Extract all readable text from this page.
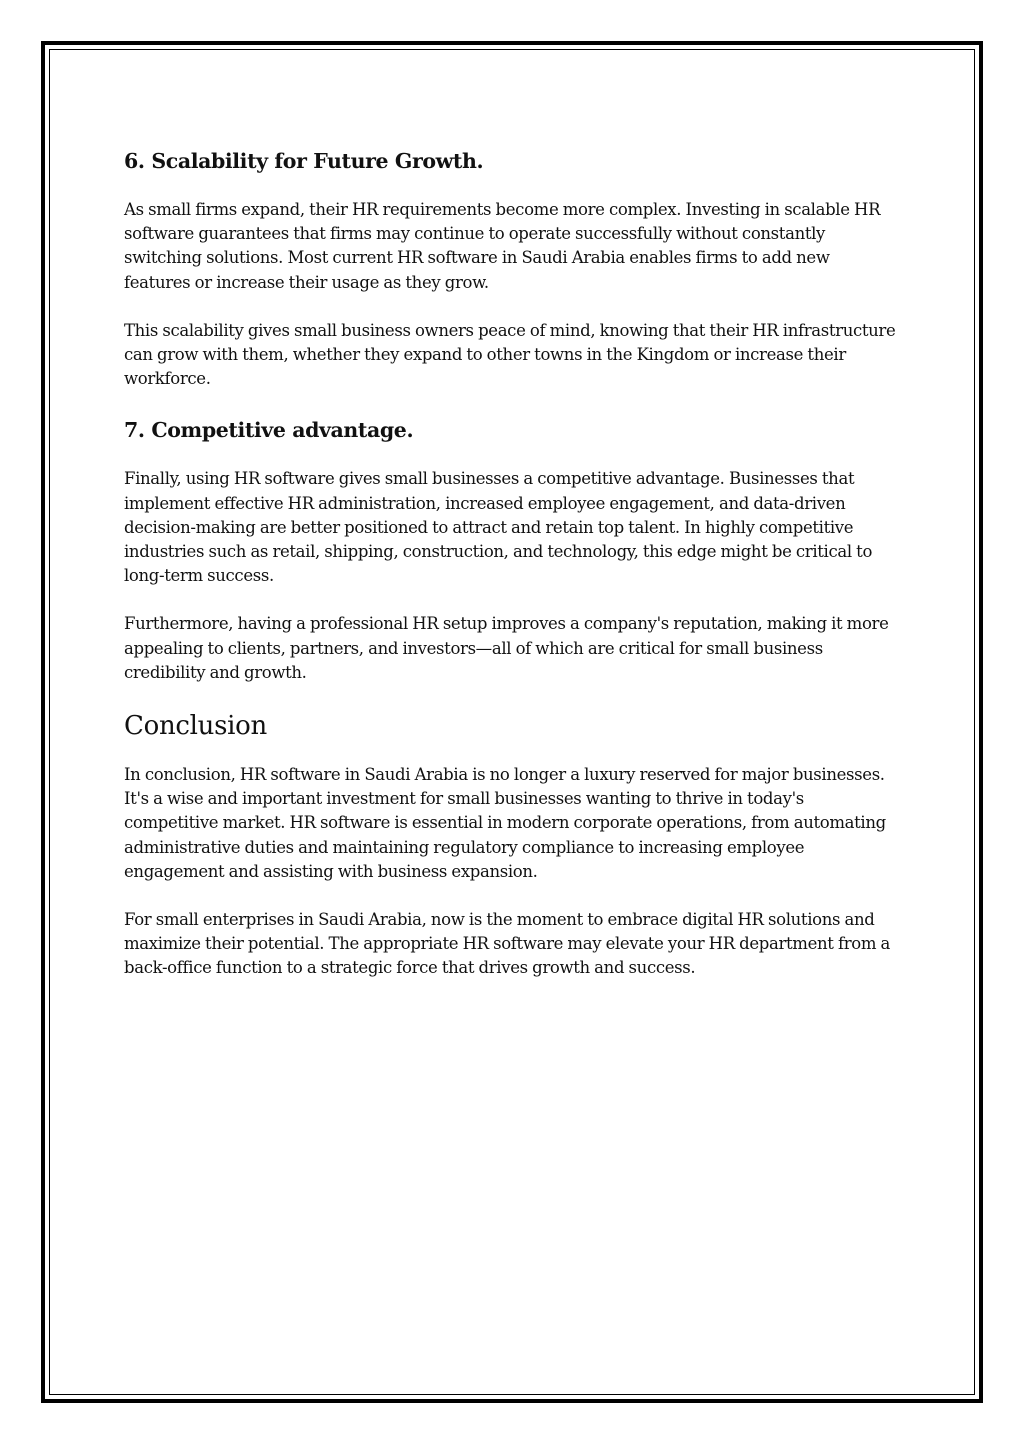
6. Scalability for Future Growth.

As small firms expand, their HR requirements become more complex. Investing in scalable HR software guarantees that firms may continue to operate successfully without constantly switching solutions. Most current HR software in Saudi Arabia enables firms to add new features or increase their usage as they grow.

This scalability gives small business owners peace of mind, knowing that their HR infrastructure can grow with them, whether they expand to other towns in the Kingdom or increase their workforce.

7. Competitive advantage.

Finally, using HR software gives small businesses a competitive advantage. Businesses that implement effective HR administration, increased employee engagement, and data-driven decision-making are better positioned to attract and retain top talent. In highly competitive industries such as retail, shipping, construction, and technology, this edge might be critical to long-term success.

Furthermore, having a professional HR setup improves a company's reputation, making it more appealing to clients, partners, and investors—all of which are critical for small business credibility and growth.

Conclusion

In conclusion, HR software in Saudi Arabia is no longer a luxury reserved for major businesses. It's a wise and important investment for small businesses wanting to thrive in today's competitive market. HR software is essential in modern corporate operations, from automating administrative duties and maintaining regulatory compliance to increasing employee engagement and assisting with business expansion.

For small enterprises in Saudi Arabia, now is the moment to embrace digital HR solutions and maximize their potential. The appropriate HR software may elevate your HR department from a back-office function to a strategic force that drives growth and success.
